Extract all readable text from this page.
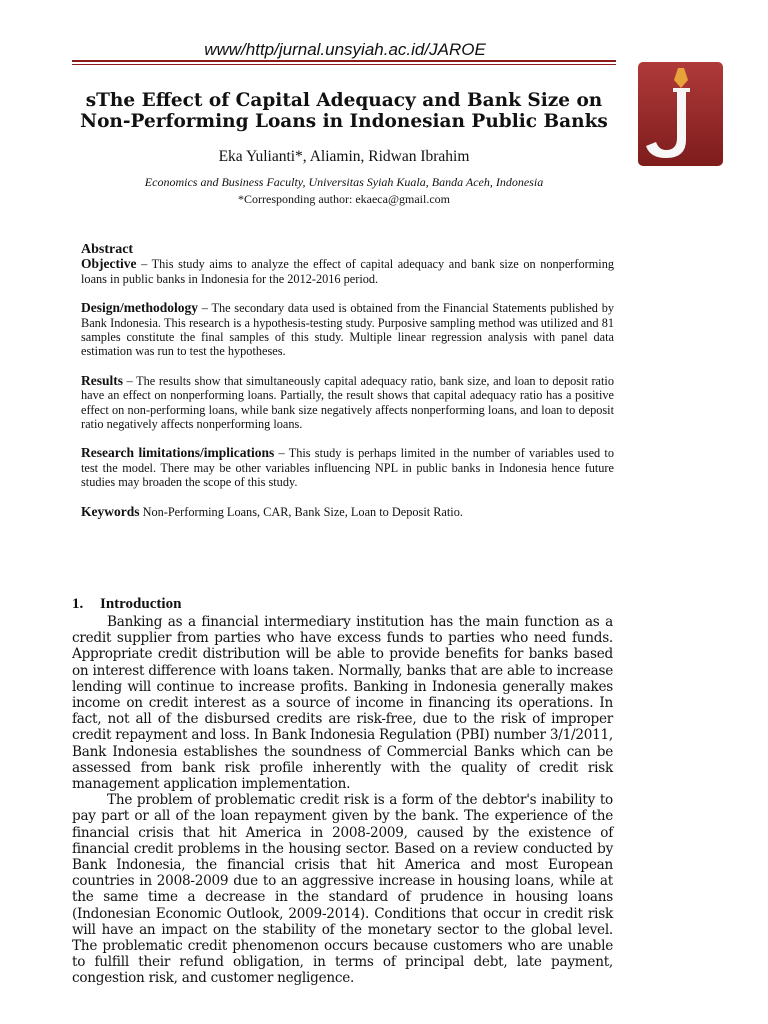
www/http/jurnal.unsyiah.ac.id/JAROE
sThe Effect of Capital Adequacy and Bank Size on Non-Performing Loans in Indonesian Public Banks
Eka Yulianti*, Aliamin, Ridwan Ibrahim
Economics and Business Faculty, Universitas Syiah Kuala, Banda Aceh, Indonesia
*Corresponding author: ekaeca@gmail.com

Abstract

Objective – This study aims to analyze the effect of capital adequacy and bank size on nonperforming loans in public banks in Indonesia for the 2012-2016 period.

Design/methodology – The secondary data used is obtained from the Financial Statements published by Bank Indonesia. This research is a hypothesis-testing study. Purposive sampling method was utilized and 81 samples constitute the final samples of this study. Multiple linear regression analysis with panel data estimation was run to test the hypotheses.

Results – The results show that simultaneously capital adequacy ratio, bank size, and loan to deposit ratio have an effect on nonperforming loans. Partially, the result shows that capital adequacy ratio has a positive effect on non-performing loans, while bank size negatively affects nonperforming loans, and loan to deposit ratio negatively affects nonperforming loans.

Research limitations/implications – This study is perhaps limited in the number of variables used to test the model. There may be other variables influencing NPL in public banks in Indonesia hence future studies may broaden the scope of this study.

Keywords Non-Performing Loans, CAR, Bank Size, Loan to Deposit Ratio.

1. Introduction

Banking as a financial intermediary institution has the main function as a credit supplier from parties who have excess funds to parties who need funds. Appropriate credit distribution will be able to provide benefits for banks based on interest difference with loans taken. Normally, banks that are able to increase lending will continue to increase profits. Banking in Indonesia generally makes income on credit interest as a source of income in financing its operations. In fact, not all of the disbursed credits are risk-free, due to the risk of improper credit repayment and loss. In Bank Indonesia Regulation (PBI) number 3/1/2011, Bank Indonesia establishes the soundness of Commercial Banks which can be assessed from bank risk profile inherently with the quality of credit risk management application implementation.

The problem of problematic credit risk is a form of the debtor's inability to pay part or all of the loan repayment given by the bank. The experience of the financial crisis that hit America in 2008-2009, caused by the existence of financial credit problems in the housing sector. Based on a review conducted by Bank Indonesia, the financial crisis that hit America and most European countries in 2008-2009 due to an aggressive increase in housing loans, while at the same time a decrease in the standard of prudence in housing loans (Indonesian Economic Outlook, 2009-2014). Conditions that occur in credit risk will have an impact on the stability of the monetary sector to the global level. The problematic credit phenomenon occurs because customers who are unable to fulfill their refund obligation, in terms of principal debt, late payment, congestion risk, and customer negligence.
